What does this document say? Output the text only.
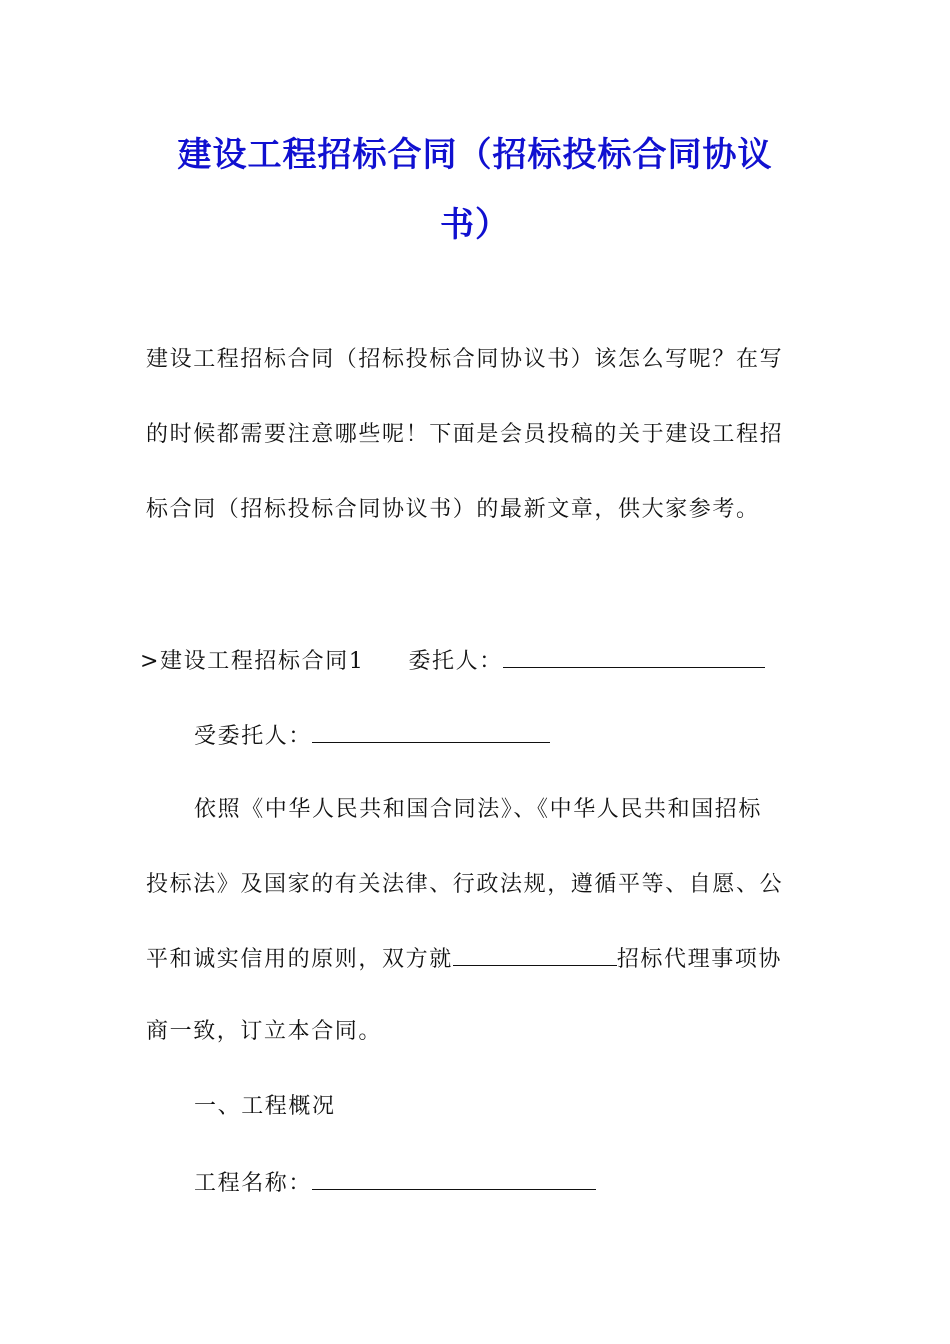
建设工程招标合同（招标投标合同协议
书）
建设工程招标合同（招标投标合同协议书）该怎么写呢？在写
的时候都需要注意哪些呢！下面是会员投稿的关于建设工程招
标合同（招标投标合同协议书）的最新文章，供大家参考。
>建设工程招标合同1 委托人：
受委托人：
依照《中华人民共和国合同法》、《中华人民共和国招标
投标法》及国家的有关法律、行政法规，遵循平等、自愿、公
平和诚实信用的原则，双方就	招标代理事项协
商一致，订立本合同。
一、工程概况
工程名称：
